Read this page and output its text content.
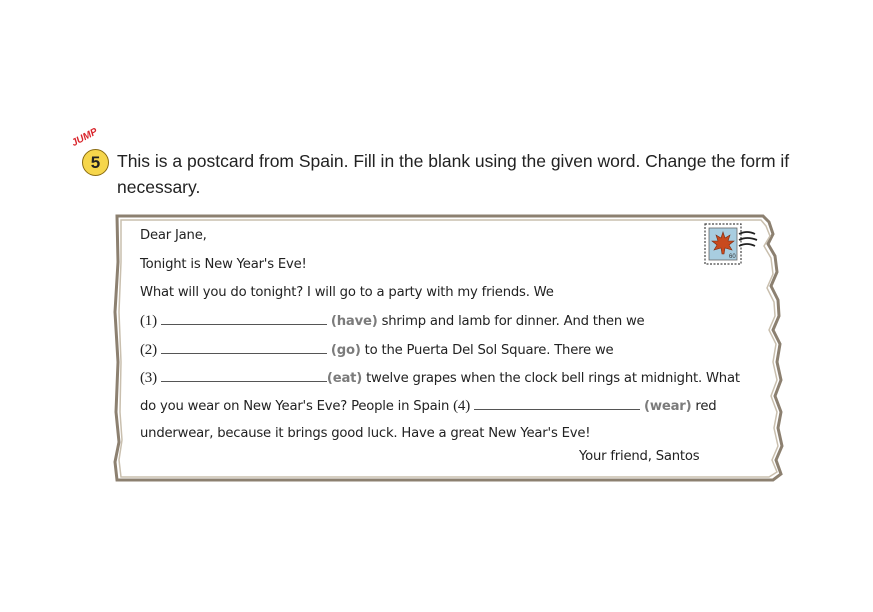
JUMP
5 This is a postcard from Spain. Fill in the blank using the given word. Change the form if necessary.
60
Dear Jane,
Tonight is New Year's Eve!
What will you do tonight? I will go to a party with my friends. We
(1)	(have) shrimp and lamb for dinner. And then we
(2)	(go) to the Puerta Del Sol Square. There we
(3)	(eat) twelve grapes when the clock bell rings at midnight. What
do you wear on New Year's Eve? People in Spain (4)	(wear) red
underwear, because it brings good luck. Have a great New Year's Eve!
Your friend, Santos
